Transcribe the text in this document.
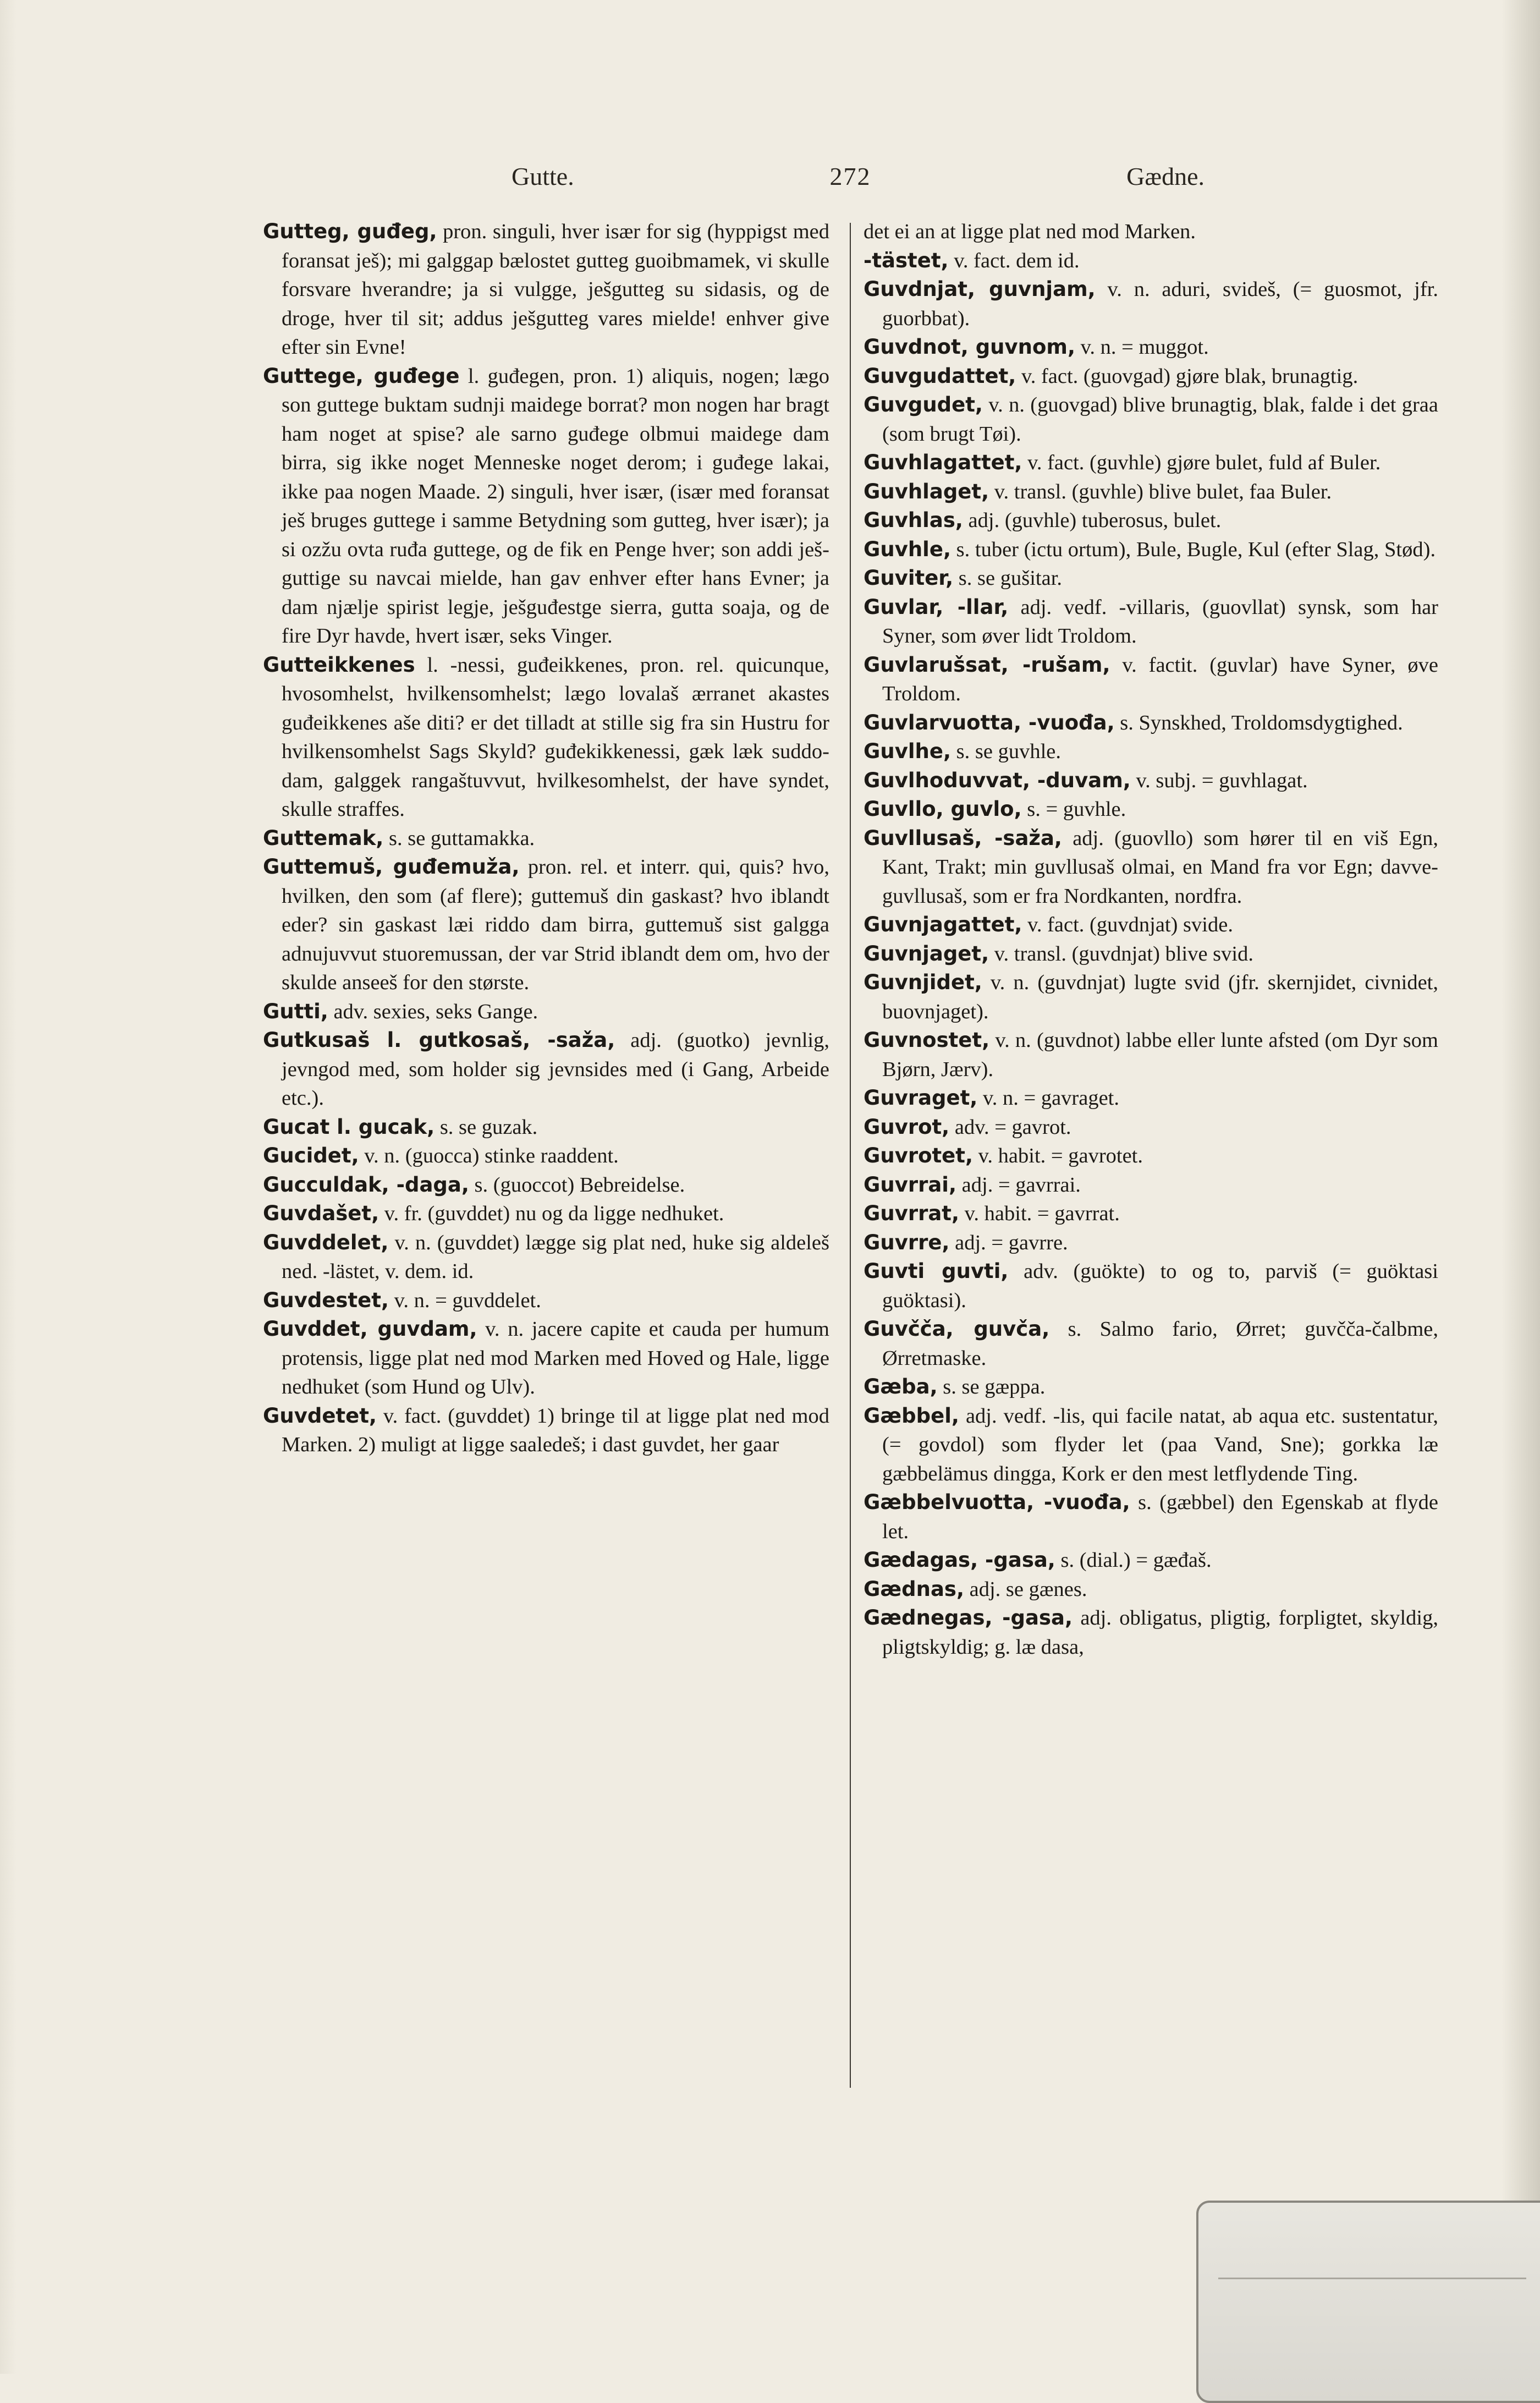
Gutte.	272	Gædne.

Gutteg, guđeg, pron. singuli, hver især for sig (hyppigst med foransat ješ); mi galggap bælostet gutteg guoibmamek, vi skulle forsvare hverandre; ja si vulgge, ješgutteg su sidasis, og de droge, hver til sit; addus ješgutteg vares mielde! enhver give efter sin Evne!

Guttege, guđege l. guđegen, pron. 1) aliquis, nogen; lægo son guttege buktam sudnji maidege borrat? mon nogen har bragt ham noget at spise? ale sarno guđege olbmui maidege dam birra, sig ikke noget Menneske noget derom; i guđege lakai, ikke paa nogen Maade. 2) singuli, hver især, (især med foransat ješ bruges guttege i samme Betydning som gutteg, hver især); ja si ozžu ovta ruđa guttege, og de fik en Penge hver; son addi ješguttige su navcai mielde, han gav enhver efter hans Evner; ja dam njælje spirist legje, ješguđestge sierra, gutta soaja, og de fire Dyr havde, hvert især, seks Vinger.

Gutteikkenes l. -nessi, guđeikkenes, pron. rel. quicunque, hvosomhelst, hvilkensomhelst; lægo lovalaš ærranet akastes guđeikkenes aše diti? er det tilladt at stille sig fra sin Hustru for hvilkensomhelst Sags Skyld? guđekikkenessi, gæk læk suddodam, galggek rangaštuvvut, hvilkesomhelst, der have syndet, skulle straffes.

Guttemak, s. se guttamakka.

Guttemuš, guđemuža, pron. rel. et interr. qui, quis? hvo, hvilken, den som (af flere); guttemuš din gaskast? hvo iblandt eder? sin gaskast læi riddo dam birra, guttemuš sist galgga adnujuvvut stuoremussan, der var Strid iblandt dem om, hvo der skulde anseeš for den største.

Gutti, adv. sexies, seks Gange.

Gutkusaš l. gutkosaš, -saža, adj. (guotko) jevnlig, jevngod med, som holder sig jevnsides med (i Gang, Arbeide etc.).

Gucat l. gucak, s. se guzak.

Gucidet, v. n. (guocca) stinke raaddent.

Gucculdak, -daga, s. (guoccot) Bebreidelse.

Guvdašet, v. fr. (guvddet) nu og da ligge nedhuket.

Guvddelet, v. n. (guvddet) lægge sig plat ned, huke sig aldeleš ned. -lästet, v. dem. id.

Guvdestet, v. n. = guvddelet.

Guvddet, guvdam, v. n. jacere capite et cauda per humum protensis, ligge plat ned mod Marken med Hoved og Hale, ligge nedhuket (som Hund og Ulv).

Guvdetet, v. fact. (guvddet) 1) bringe til at ligge plat ned mod Marken. 2) muligt at ligge saaledeš; i dast guvdet, her gaar

det ei an at ligge plat ned mod Marken.

-tästet, v. fact. dem id.

Guvdnjat, guvnjam, v. n. aduri, svideš, (= guosmot, jfr. guorbbat).

Guvdnot, guvnom, v. n. = muggot.

Guvgudattet, v. fact. (guovgad) gjøre blak, brunagtig.

Guvgudet, v. n. (guovgad) blive brunagtig, blak, falde i det graa (som brugt Tøi).

Guvhlagattet, v. fact. (guvhle) gjøre bulet, fuld af Buler.

Guvhlaget, v. transl. (guvhle) blive bulet, faa Buler.

Guvhlas, adj. (guvhle) tuberosus, bulet.

Guvhle, s. tuber (ictu ortum), Bule, Bugle, Kul (efter Slag, Stød).

Guviter, s. se gušitar.

Guvlar, -llar, adj. vedf. -villaris, (guovllat) synsk, som har Syner, som øver lidt Troldom.

Guvlarušsat, -rušam, v. factit. (guvlar) have Syner, øve Troldom.

Guvlarvuotta, -vuođa, s. Synskhed, Troldomsdygtighed.

Guvlhe, s. se guvhle.

Guvlhoduvvat, -duvam, v. subj. = guvhlagat.

Guvllo, guvlo, s. = guvhle.

Guvllusaš, -saža, adj. (guovllo) som hører til en viš Egn, Kant, Trakt; min guvllusaš olmai, en Mand fra vor Egn; davveguvllusaš, som er fra Nordkanten, nordfra.

Guvnjagattet, v. fact. (guvdnjat) svide.

Guvnjaget, v. transl. (guvdnjat) blive svid.

Guvnjidet, v. n. (guvdnjat) lugte svid (jfr. skernjidet, civnidet, buovnjaget).

Guvnostet, v. n. (guvdnot) labbe eller lunte afsted (om Dyr som Bjørn, Jærv).

Guvraget, v. n. = gavraget.

Guvrot, adv. = gavrot.

Guvrotet, v. habit. = gavrotet.

Guvrrai, adj. = gavrrai.

Guvrrat, v. habit. = gavrrat.

Guvrre, adj. = gavrre.

Guvti guvti, adv. (guökte) to og to, parviš (= guöktasi guöktasi).

Guvčča, guvča, s. Salmo fario, Ørret; guvčča-čalbme, Ørretmaske.

Gæba, s. se gæppa.

Gæbbel, adj. vedf. -lis, qui facile natat, ab aqua etc. sustentatur, (= govdol) som flyder let (paa Vand, Sne); gorkka læ gæbbelämus dingga, Kork er den mest letflydende Ting.

Gæbbelvuotta, -vuođa, s. (gæbbel) den Egenskab at flyde let.

Gædagas, -gasa, s. (dial.) = gæđaš.

Gædnas, adj. se gænes.

Gædnegas, -gasa, adj. obligatus, pligtig, forpligtet, skyldig, pligtskyldig; g. læ dasa,
